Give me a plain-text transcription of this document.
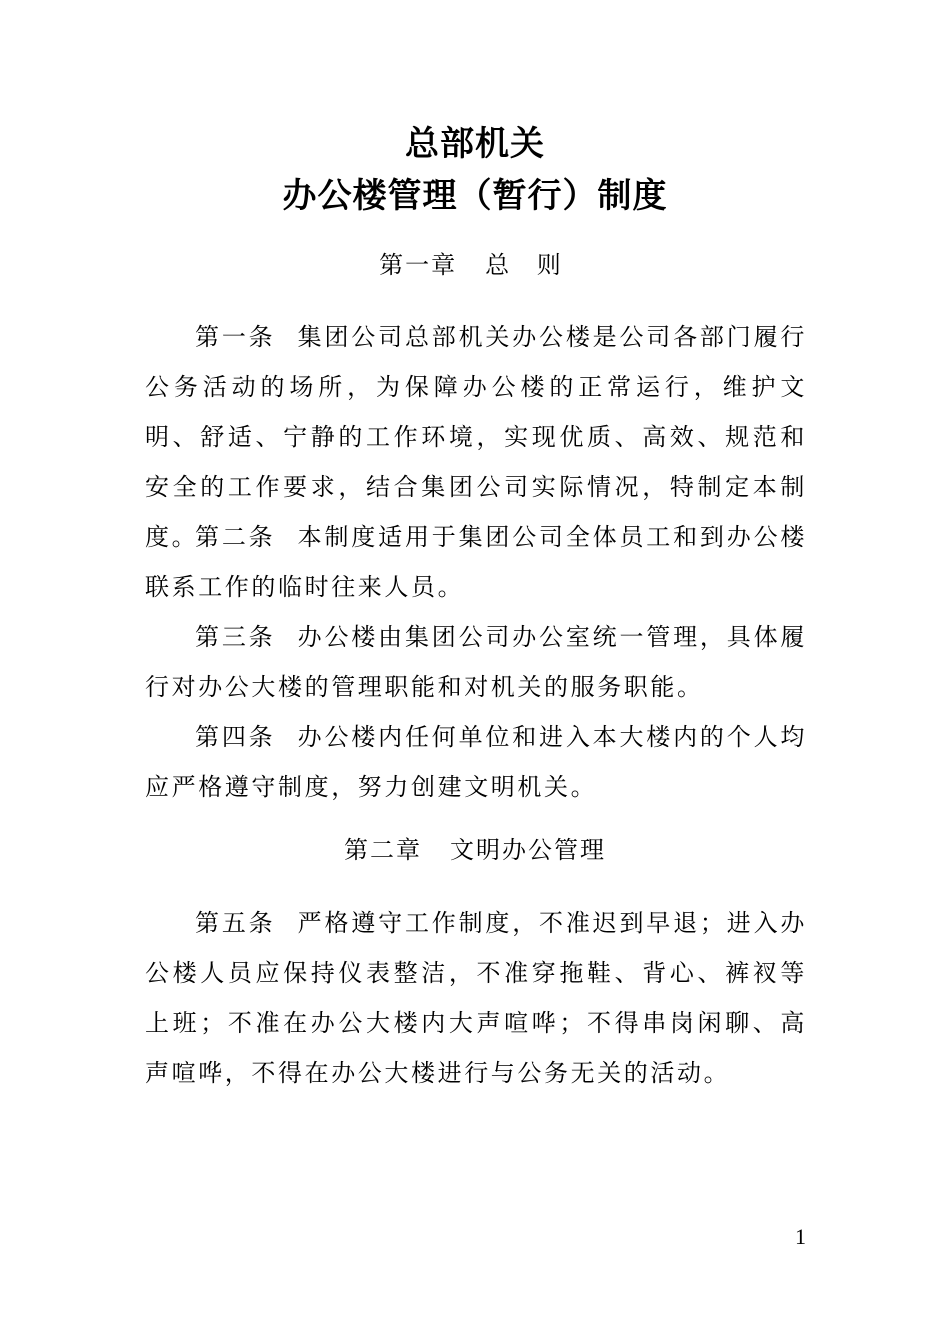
总部机关
办公楼管理（暂行）制度
第一章 总 则

第一条 集团公司总部机关办公楼是公司各部门履行公务活动的场所，为保障办公楼的正常运行，维护文明、舒适、宁静的工作环境，实现优质、高效、规范和安全的工作要求，结合集团公司实际情况，特制定本制度。

第二条 本制度适用于集团公司全体员工和到办公楼联系工作的临时往来人员。

第三条 办公楼由集团公司办公室统一管理，具体履行对办公大楼的管理职能和对机关的服务职能。

第四条 办公楼内任何单位和进入本大楼内的个人均应严格遵守制度，努力创建文明机关。

第二章 文明办公管理

第五条 严格遵守工作制度，不准迟到早退；进入办公楼人员应保持仪表整洁，不准穿拖鞋、背心、裤衩等上班；不准在办公大楼内大声喧哗；不得串岗闲聊、高声喧哗，不得在办公大楼进行与公务无关的活动。

1
